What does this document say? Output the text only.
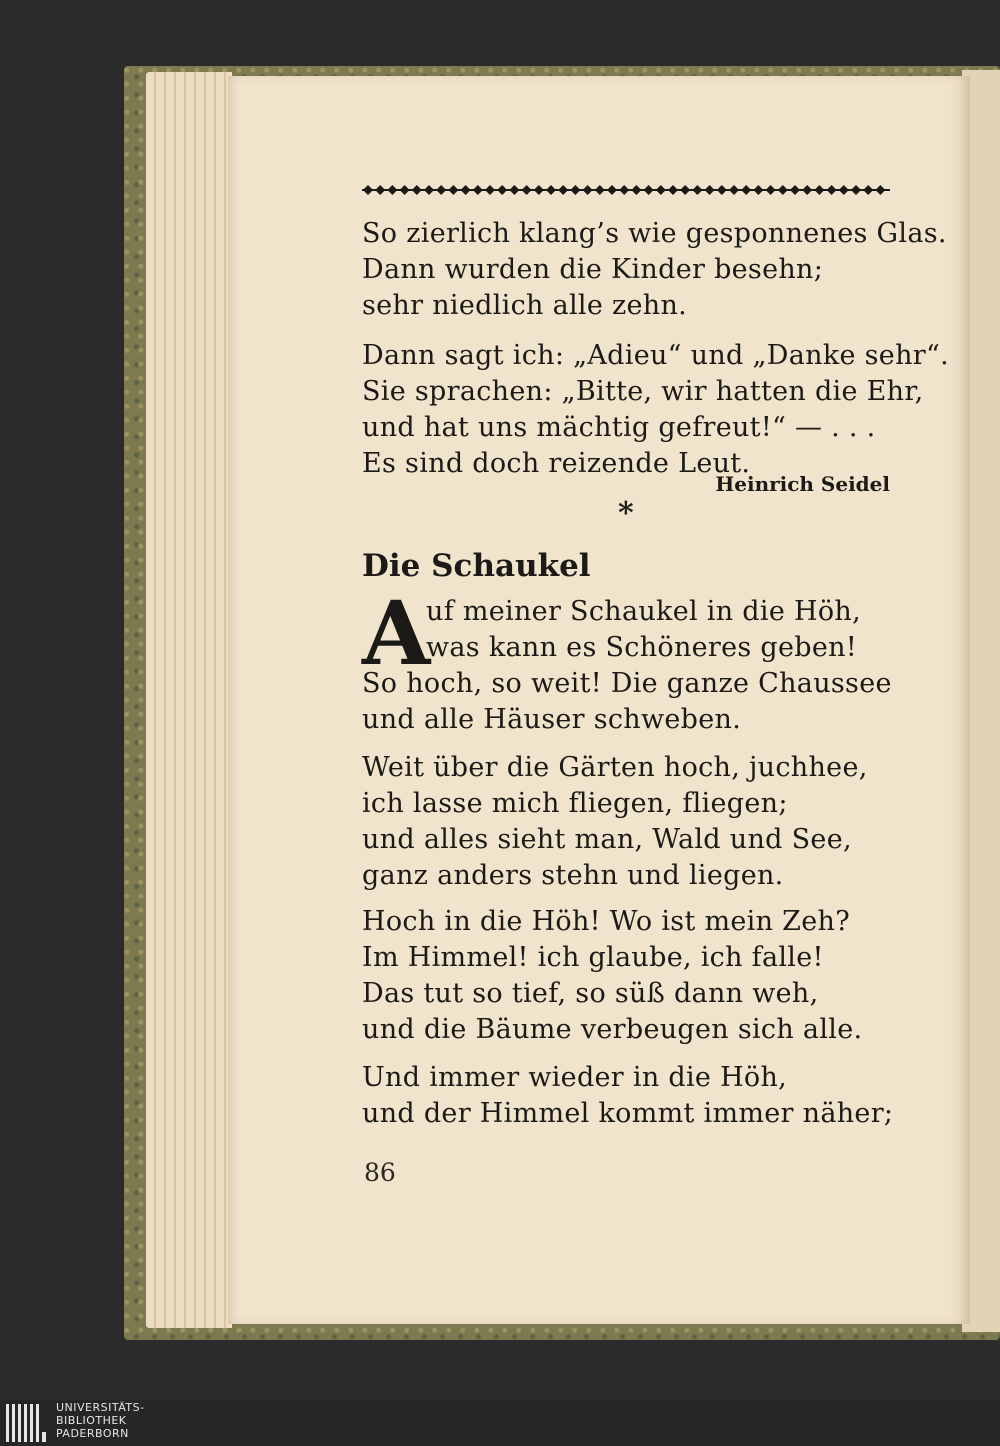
So zierlich klang’s wie gesponnenes Glas.
Dann wurden die Kinder besehn;
sehr niedlich alle zehn.
Dann sagt ich: „Adieu“ und „Danke sehr“.
Sie sprachen: „Bitte, wir hatten die Ehr,
und hat uns mächtig gefreut!“ — . . .
Es sind doch reizende Leut.
Heinrich Seidel
*
Die Schaukel
A
uf meiner Schaukel in die Höh,
was kann es Schöneres geben!
So hoch, so weit! Die ganze Chaussee
und alle Häuser schweben.
Weit über die Gärten hoch, juchhee,
ich lasse mich fliegen, fliegen;
und alles sieht man, Wald und See,
ganz anders stehn und liegen.
Hoch in die Höh! Wo ist mein Zeh?
Im Himmel! ich glaube, ich falle!
Das tut so tief, so süß dann weh,
und die Bäume verbeugen sich alle.
Und immer wieder in die Höh,
und der Himmel kommt immer näher;
86
UNIVERSITÄTS-
BIBLIOTHEK
PADERBORN
